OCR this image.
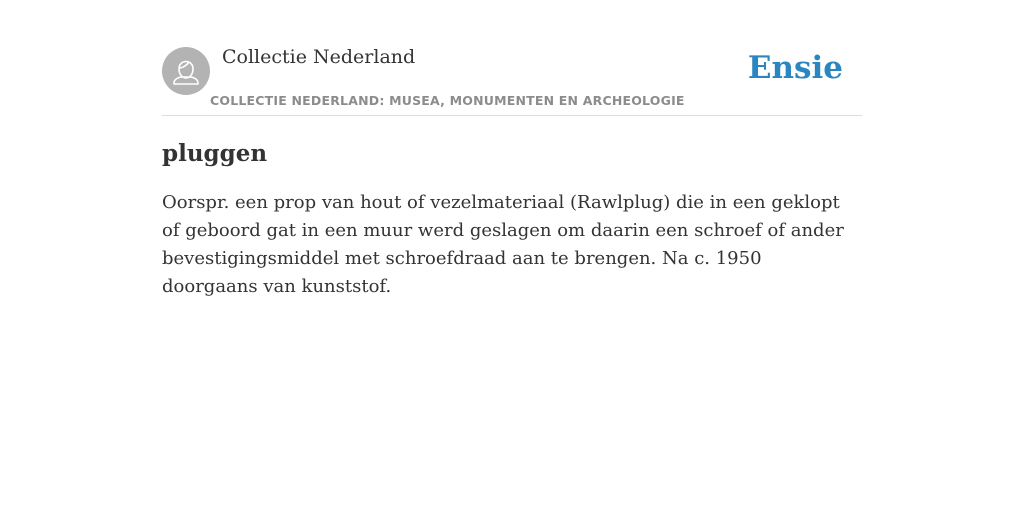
Collectie Nederland
COLLECTIE NEDERLAND: MUSEA, MONUMENTEN EN ARCHEOLOGIE
Ensie
pluggen

Oorspr. een prop van hout of vezelmateriaal (Rawlplug) die in een geklopt of geboord gat in een muur werd geslagen om daarin een schroef of ander bevestigingsmiddel met schroefdraad aan te brengen. Na c. 1950 doorgaans van kunststof.
